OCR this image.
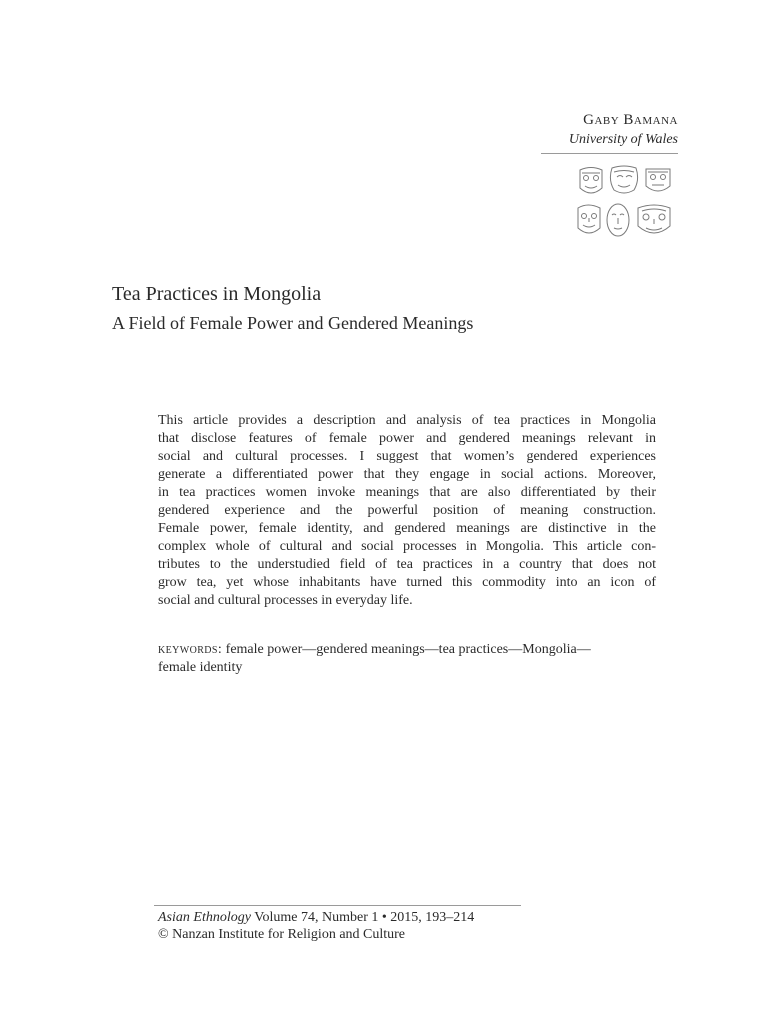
Gaby Bamana
University of Wales
Tea Practices in Mongolia
A Field of Female Power and Gendered Meanings
This article provides a description and analysis of tea practices in Mongolia
that disclose features of female power and gendered meanings relevant in
social and cultural processes. I suggest that women’s gendered experiences
generate a differentiated power that they engage in social actions. Moreover,
in tea practices women invoke meanings that are also differentiated by their
gendered experience and the powerful position of meaning construction.
Female power, female identity, and gendered meanings are distinctive in the
complex whole of cultural and social processes in Mongolia. This article con-
tributes to the understudied field of tea practices in a country that does not
grow tea, yet whose inhabitants have turned this commodity into an icon of
social and cultural processes in everyday life.
keywords: female power—gendered meanings—tea practices—Mongolia—
female identity
Asian Ethnology Volume 74, Number 1 • 2015, 193–214
© Nanzan Institute for Religion and Culture
